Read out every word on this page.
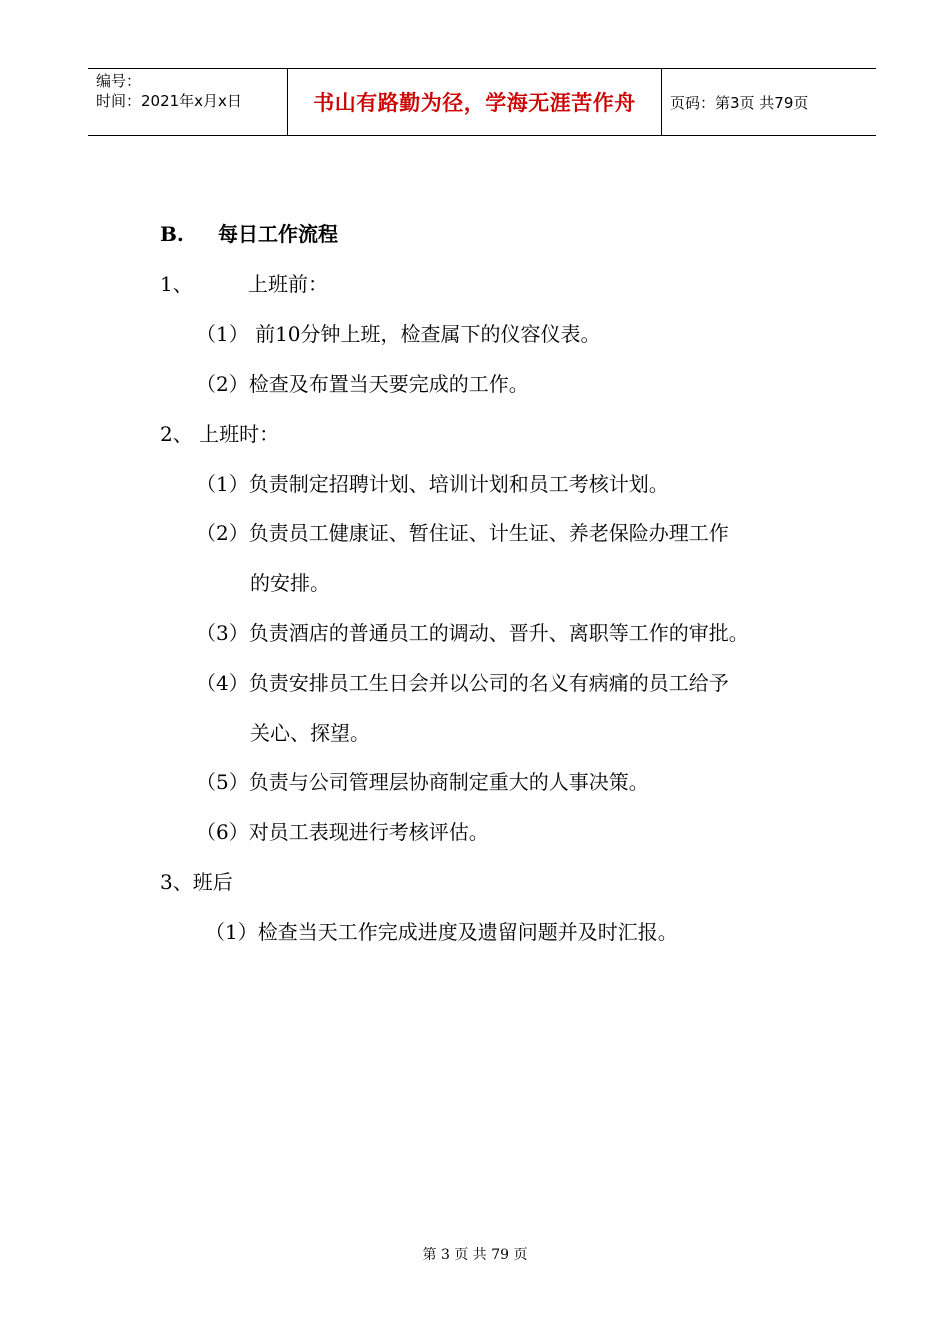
编号：
时间：2021年x月x日	书山有路勤为径，学海无涯苦作舟	页码：第3页 共79页
B. 每日工作流程
1、	上班前：
（1） 前10分钟上班，检查属下的仪容仪表。
（2）检查及布置当天要完成的工作。
2、 上班时：
（1）负责制定招聘计划、培训计划和员工考核计划。
（2）负责员工健康证、暂住证、计生证、养老保险办理工作
的安排。
（3）负责酒店的普通员工的调动、晋升、离职等工作的审批。
（4）负责安排员工生日会并以公司的名义有病痛的员工给予
关心、探望。
（5）负责与公司管理层协商制定重大的人事决策。
（6）对员工表现进行考核评估。
3、班后
（1）检查当天工作完成进度及遗留问题并及时汇报。
第 3 页 共 79 页
